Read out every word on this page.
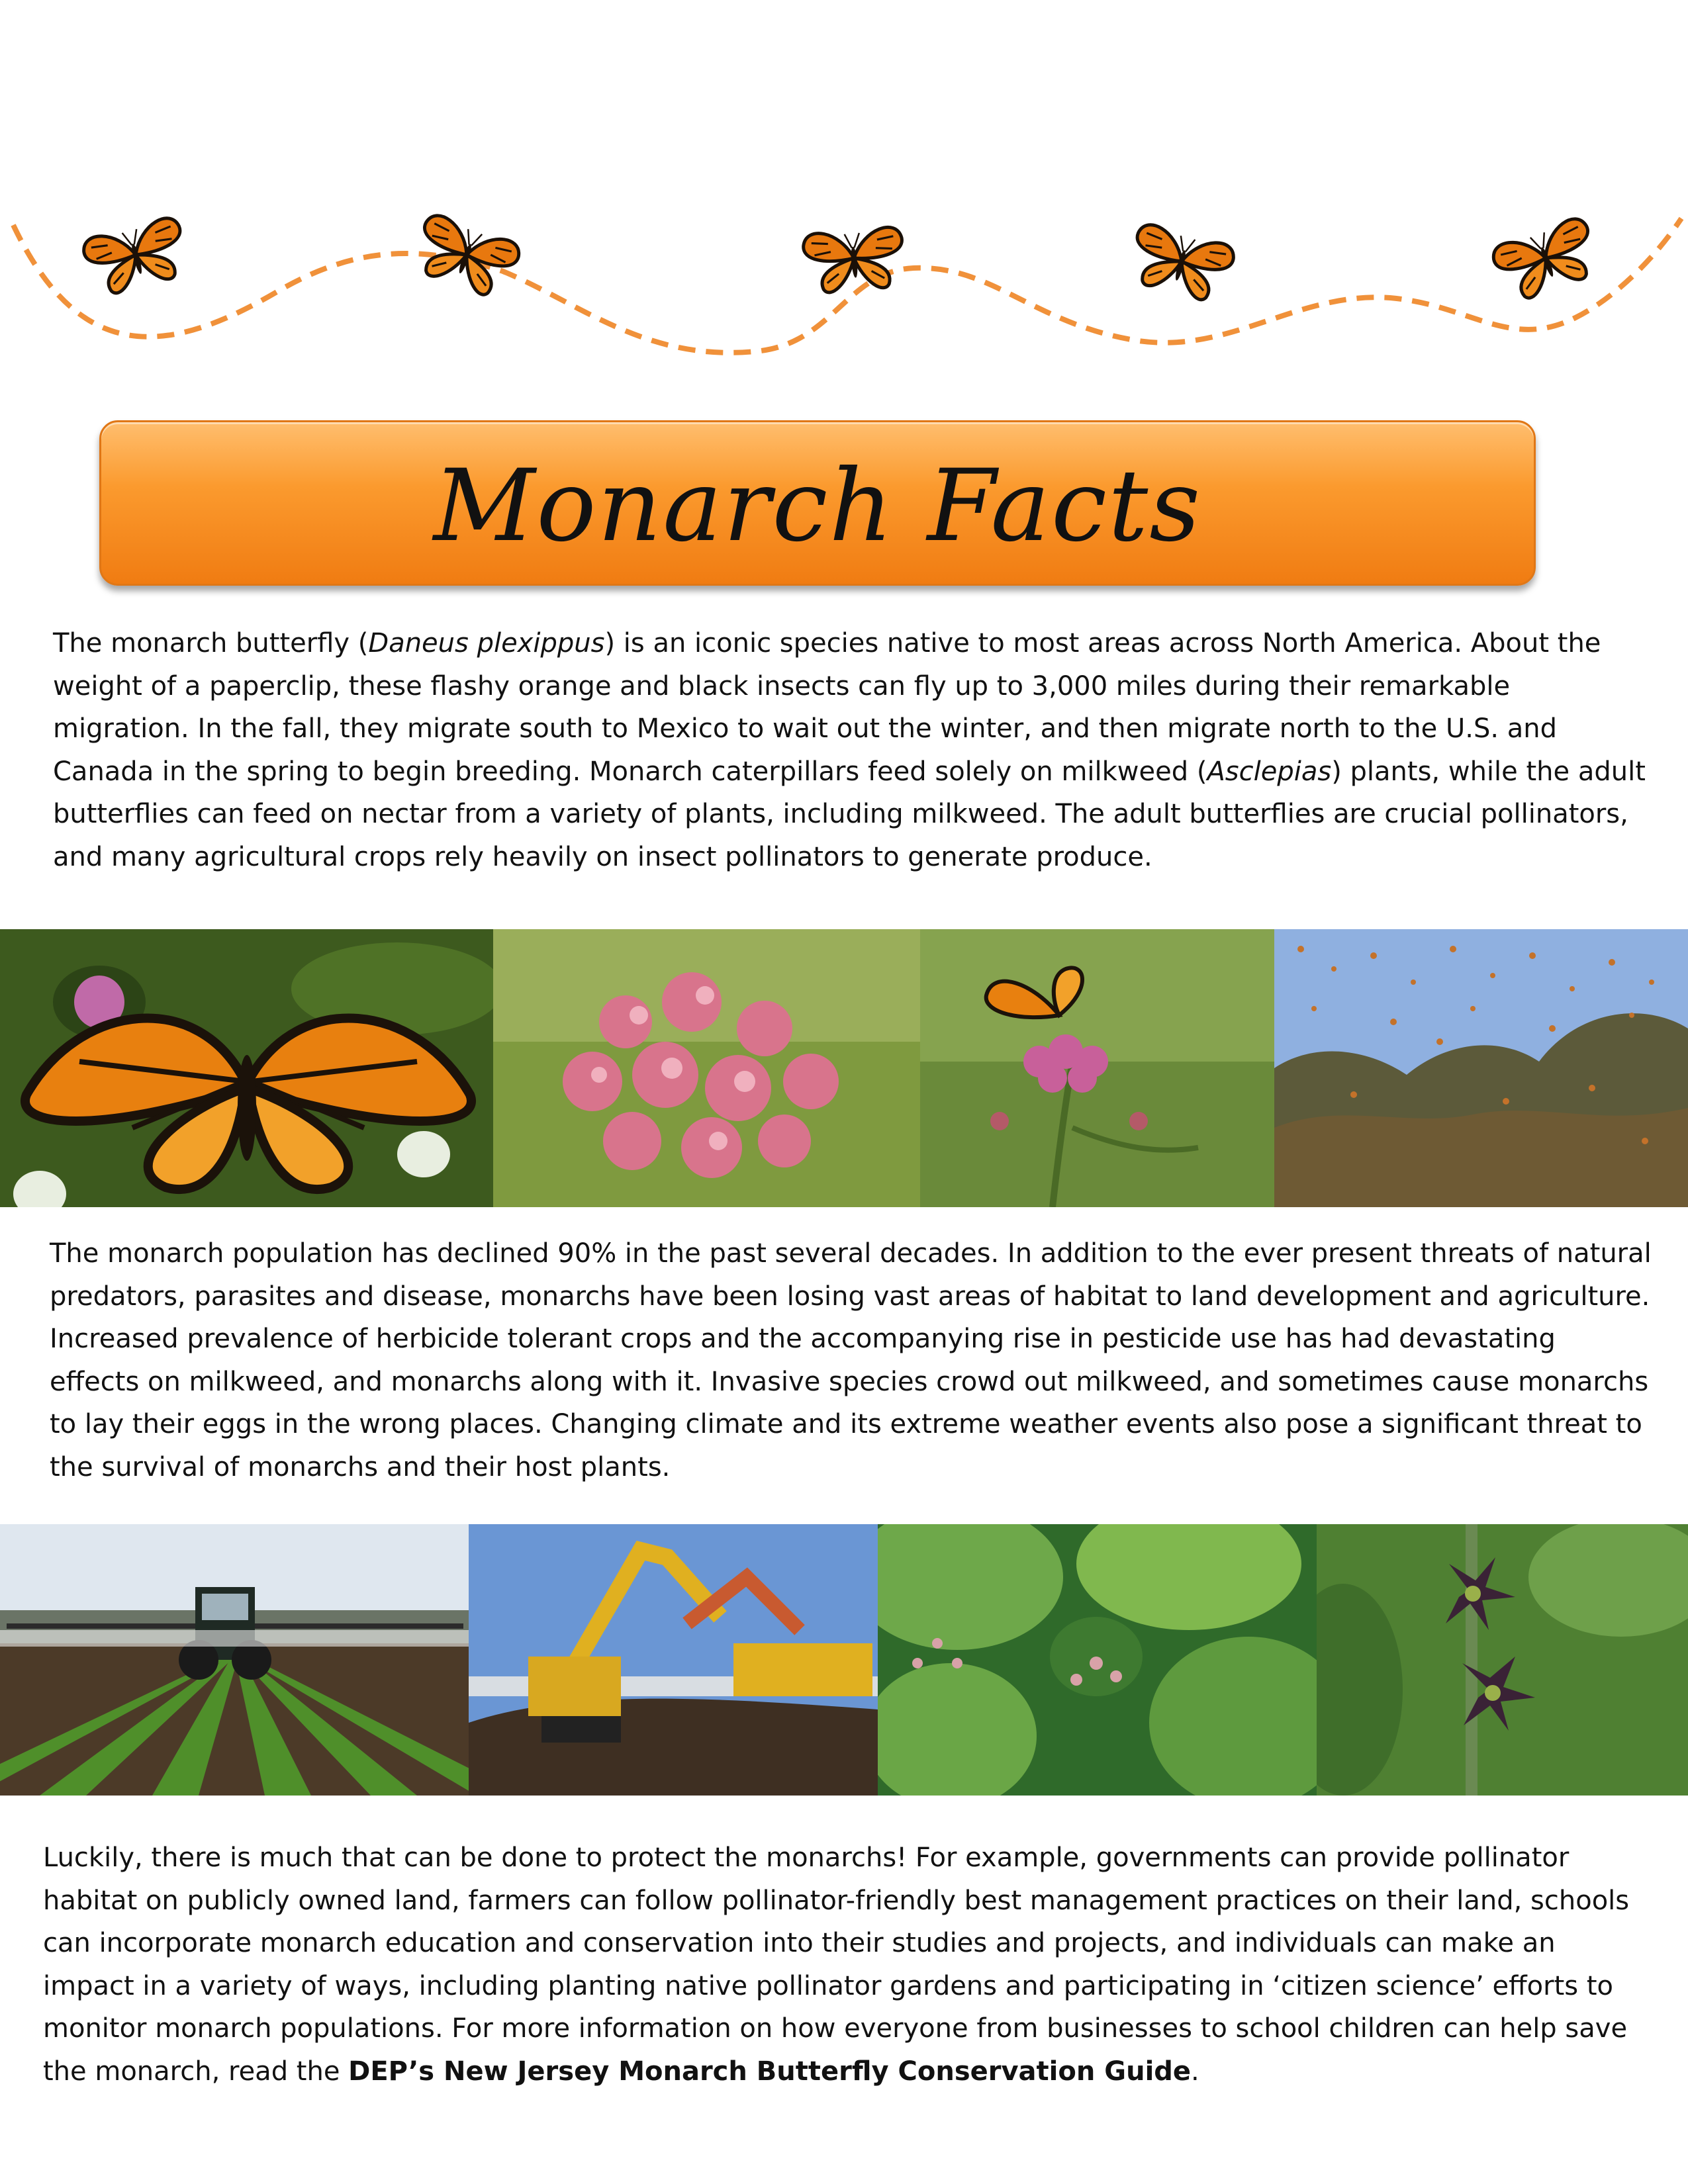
Monarch Facts

The monarch butterfly (Daneus plexippus) is an iconic species native to most areas across North America. About the weight of a paperclip, these flashy orange and black insects can fly up to 3,000 miles during their remarkable migration. In the fall, they migrate south to Mexico to wait out the winter, and then migrate north to the U.S. and Canada in the spring to begin breeding. Monarch caterpillars feed solely on milkweed (Asclepias) plants, while the adult butterflies can feed on nectar from a variety of plants, including milkweed. The adult butterflies are crucial pollinators, and many agricultural crops rely heavily on insect pollinators to generate produce.

The monarch population has declined 90% in the past several decades. In addition to the ever present threats of natural predators, parasites and disease, monarchs have been losing vast areas of habitat to land development and agriculture. Increased prevalence of herbicide tolerant crops and the accompanying rise in pesticide use has had devastating effects on milkweed, and monarchs along with it. Invasive species crowd out milkweed, and sometimes cause monarchs to lay their eggs in the wrong places. Changing climate and its extreme weather events also pose a significant threat to the survival of monarchs and their host plants.

Luckily, there is much that can be done to protect the monarchs! For example, governments can provide pollinator habitat on publicly owned land, farmers can follow pollinator-friendly best management practices on their land, schools can incorporate monarch education and conservation into their studies and projects, and individuals can make an impact in a variety of ways, including planting native pollinator gardens and participating in ‘citizen science’ efforts to monitor monarch populations. For more information on how everyone from businesses to school children can help save the monarch, read the DEP’s New Jersey Monarch Butterfly Conservation Guide.
